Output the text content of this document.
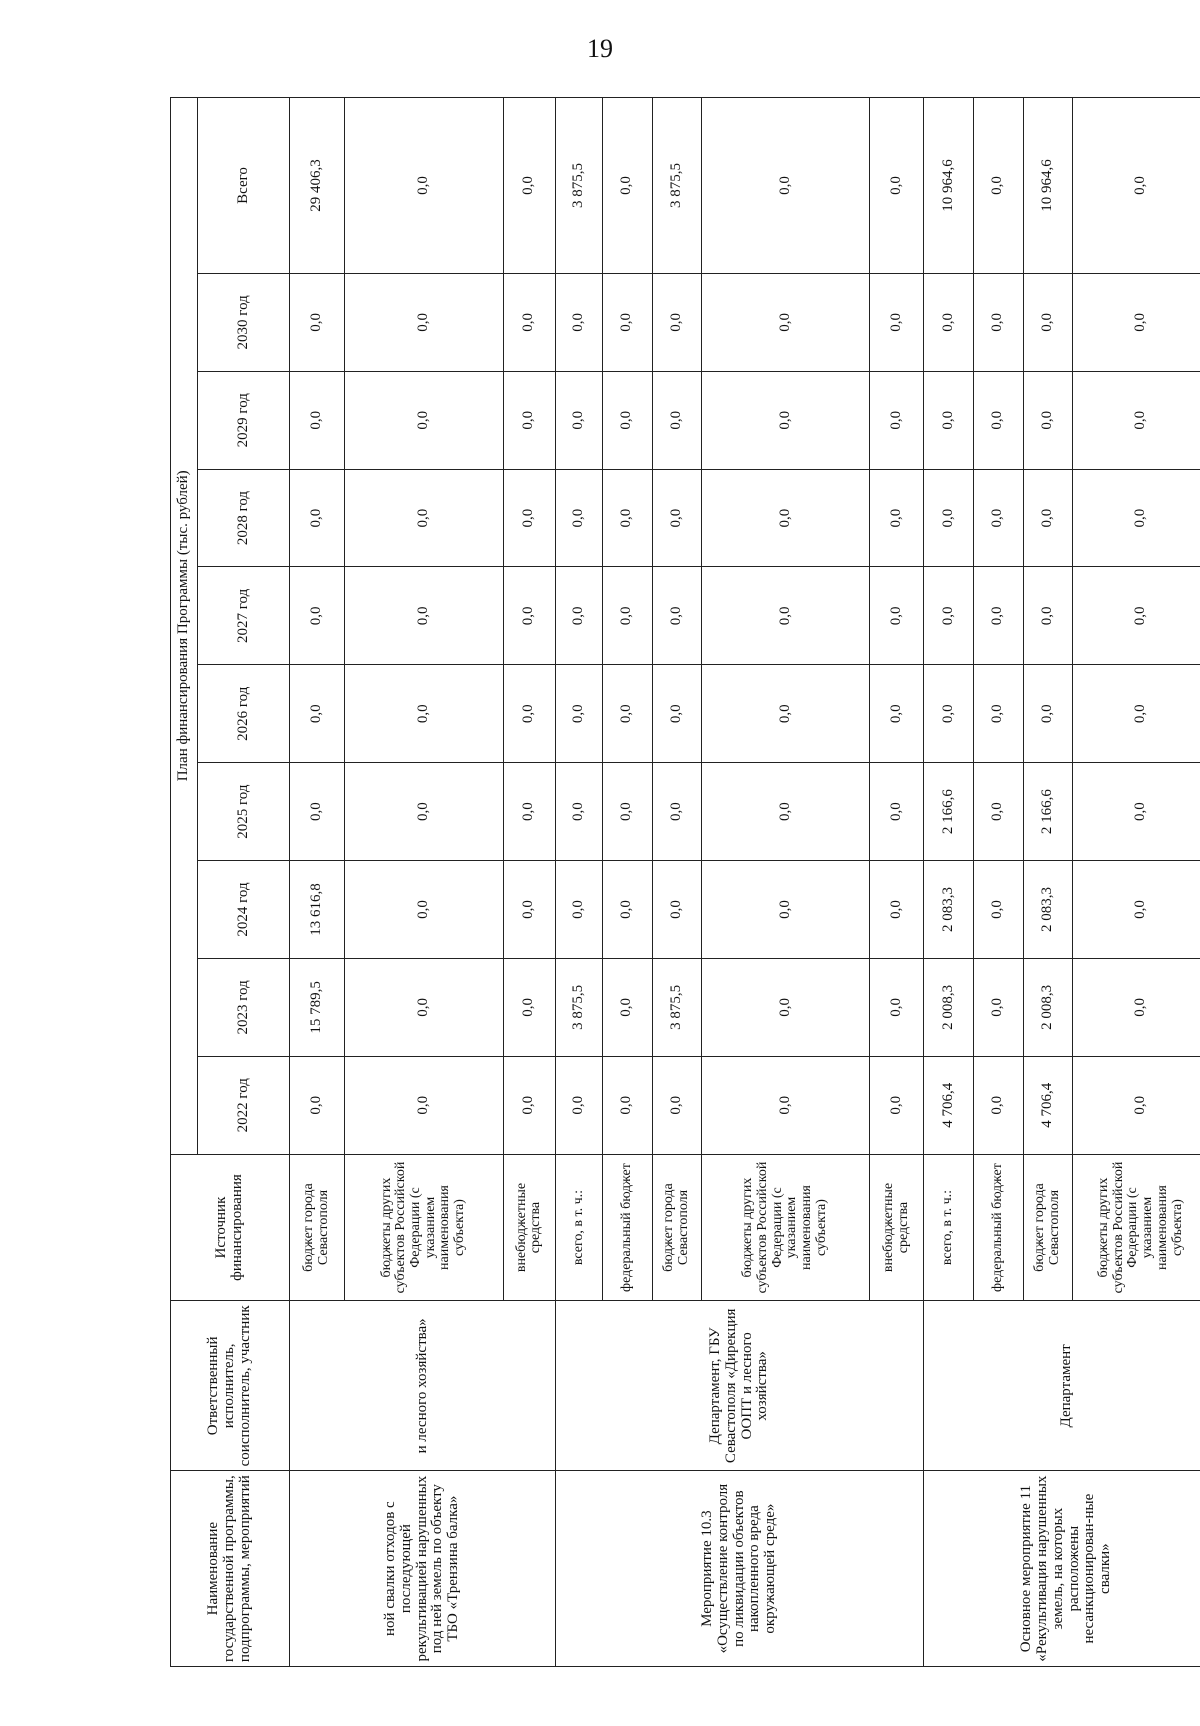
19
Наименование государственной программы, подпрограммы, мероприятий	Ответственный исполнитель, соисполнитель, участник	Источник финансирования	План финансирования Программы (тыс. рублей)									
			2022 год	2023 год	2024 год	2025 год	2026 год	2027 год	2028 год	2029 год	2030 год	Всего
ной свалки отходов с последующей рекультивацией нарушенных под ней земель по объекту ТБО «Трензина балка»	и лесного хозяйства»	бюджет города Севастополя	0,0	15 789,5	13 616,8	0,0	0,0	0,0	0,0	0,0	0,0	29 406,3
		бюджеты других субъектов Российской Федерации (с указанием наименования субъекта)	0,0	0,0	0,0	0,0	0,0	0,0	0,0	0,0	0,0	0,0
		внебюджетные средства	0,0	0,0	0,0	0,0	0,0	0,0	0,0	0,0	0,0	0,0
Мероприятие 10.3 «Осуществление контроля по ликвидации объектов накопленного вреда окружающей среде»	Департамент, ГБУ Севастополя «Дирекция ООПТ и лесного хозяйства»	всего, в т. ч.:	0,0	3 875,5	0,0	0,0	0,0	0,0	0,0	0,0	0,0	3 875,5
		федеральный бюджет	0,0	0,0	0,0	0,0	0,0	0,0	0,0	0,0	0,0	0,0
		бюджет города Севастополя	0,0	3 875,5	0,0	0,0	0,0	0,0	0,0	0,0	0,0	3 875,5
		бюджеты других субъектов Российской Федерации (с указанием наименования субъекта)	0,0	0,0	0,0	0,0	0,0	0,0	0,0	0,0	0,0	0,0
		внебюджетные средства	0,0	0,0	0,0	0,0	0,0	0,0	0,0	0,0	0,0	0,0
Основное мероприятие 11 «Рекультивация нарушенных земель, на которых расположены несанкционирован-ные свалки»	Департамент	всего, в т. ч.:	4 706,4	2 008,3	2 083,3	2 166,6	0,0	0,0	0,0	0,0	0,0	10 964,6
		федеральный бюджет	0,0	0,0	0,0	0,0	0,0	0,0	0,0	0,0	0,0	0,0
		бюджет города Севастополя	4 706,4	2 008,3	2 083,3	2 166,6	0,0	0,0	0,0	0,0	0,0	10 964,6
		бюджеты других субъектов Российской Федерации (с указанием наименования субъекта)	0,0	0,0	0,0	0,0	0,0	0,0	0,0	0,0	0,0	0,0
